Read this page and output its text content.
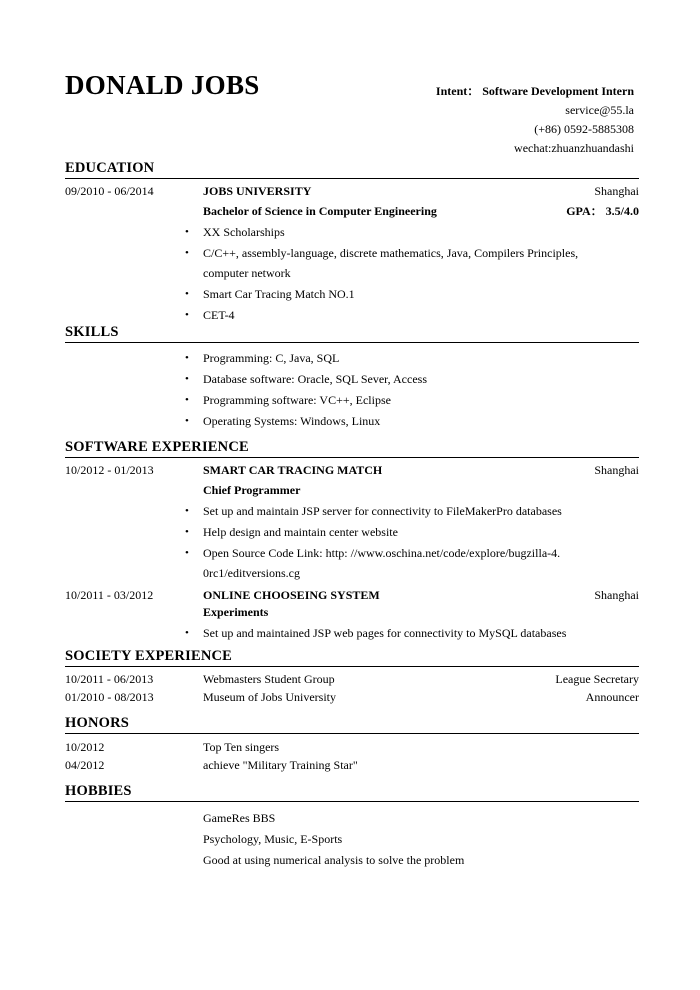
DONALD JOBS	Intent： Software Development Intern
service@55.la
(+86) 0592-5885308
wechat:zhuanzhuandashi
EDUCATION
09/2010 - 06/2014	JOBS UNIVERSITY	Shanghai
Bachelor of Science in Computer Engineering	GPA： 3.5/4.0
• XX Scholarships
• C/C++, assembly-language, discrete mathematics, Java, Compilers Principles, computer network
• Smart Car Tracing Match NO.1
• CET-4
SKILLS
• Programming: C, Java, SQL
• Database software: Oracle, SQL Sever, Access
• Programming software: VC++, Eclipse
• Operating Systems: Windows, Linux
SOFTWARE EXPERIENCE
10/2012 - 01/2013	SMART CAR TRACING MATCH	Shanghai
Chief Programmer
• Set up and maintain JSP server for connectivity to FileMakerPro databases
• Help design and maintain center website
• Open Source Code Link: http: //www.oschina.net/code/explore/bugzilla-4.0rc1/editversions.cg
10/2011 - 03/2012	ONLINE CHOOSEING SYSTEM	Shanghai
Experiments
• Set up and maintained JSP web pages for connectivity to MySQL databases
SOCIETY EXPERIENCE
10/2011 - 06/2013	Webmasters Student Group	League Secretary
01/2010 - 08/2013	Museum of Jobs University	Announcer
HONORS
10/2012	Top Ten singers
04/2012	achieve "Military Training Star"
HOBBIES
GameRes BBS
Psychology, Music, E-Sports
Good at using numerical analysis to solve the problem
